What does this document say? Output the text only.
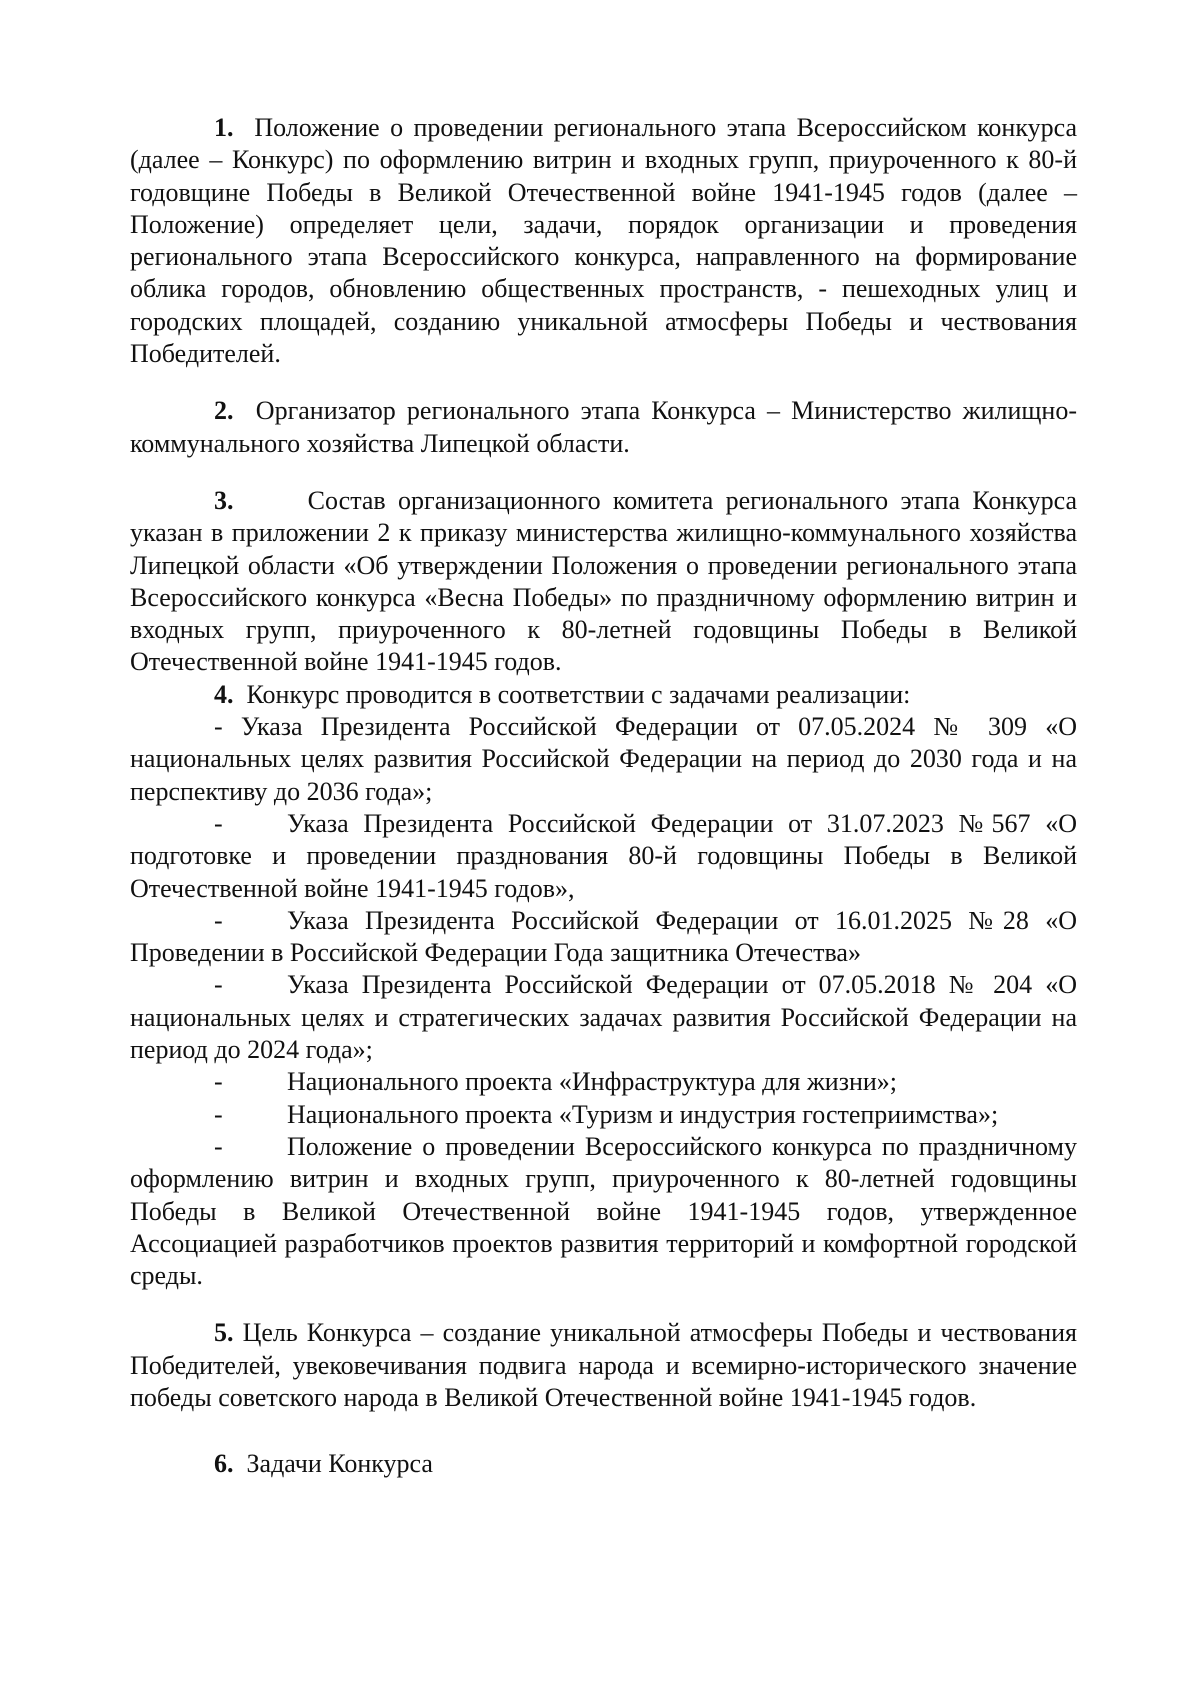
1. Положение о проведении регионального этапа Всероссийском конкурса (далее – Конкурс) по оформлению витрин и входных групп, приуроченного к 80-й годовщине Победы в Великой Отечественной войне 1941-1945 годов (далее – Положение) определяет цели, задачи, порядок организации и проведения регионального этапа Всероссийского конкурса, направленного на формирование облика городов, обновлению общественных пространств, - пешеходных улиц и городских площадей, созданию уникальной атмосферы Победы и чествования Победителей.

2. Организатор регионального этапа Конкурса – Министерство жилищно-коммунального хозяйства Липецкой области.

3.	Состав организационного комитета регионального этапа Конкурса указан в приложении 2 к приказу министерства жилищно-коммунального хозяйства Липецкой области «Об утверждении Положения о проведении регионального этапа Всероссийского конкурса «Весна Победы» по праздничному оформлению витрин и входных групп, приуроченного к 80-летней годовщины Победы в Великой Отечественной войне 1941-1945 годов.

4. Конкурс проводится в соответствии с задачами реализации:

- Указа Президента Российской Федерации от 07.05.2024 № 309 «О национальных целях развития Российской Федерации на период до 2030 года и на перспективу до 2036 года»;

- Указа Президента Российской Федерации от 31.07.2023 №567 «О подготовке и проведении празднования 80-й годовщины Победы в Великой Отечественной войне 1941-1945 годов»,

- Указа Президента Российской Федерации от 16.01.2025 №28 «О Проведении в Российской Федерации Года защитника Отечества»

- Указа Президента Российской Федерации от 07.05.2018 № 204 «О национальных целях и стратегических задачах развития Российской Федерации на период до 2024 года»;

- Национального проекта «Инфраструктура для жизни»;

- Национального проекта «Туризм и индустрия гостеприимства»;

- Положение о проведении Всероссийского конкурса по праздничному оформлению витрин и входных групп, приуроченного к 80-летней годовщины Победы в Великой Отечественной войне 1941-1945 годов, утвержденное Ассоциацией разработчиков проектов развития территорий и комфортной городской среды.

5. Цель Конкурса – создание уникальной атмосферы Победы и чествования Победителей, увековечивания подвига народа и всемирно-исторического значение победы советского народа в Великой Отечественной войне 1941-1945 годов.

6. Задачи Конкурса
